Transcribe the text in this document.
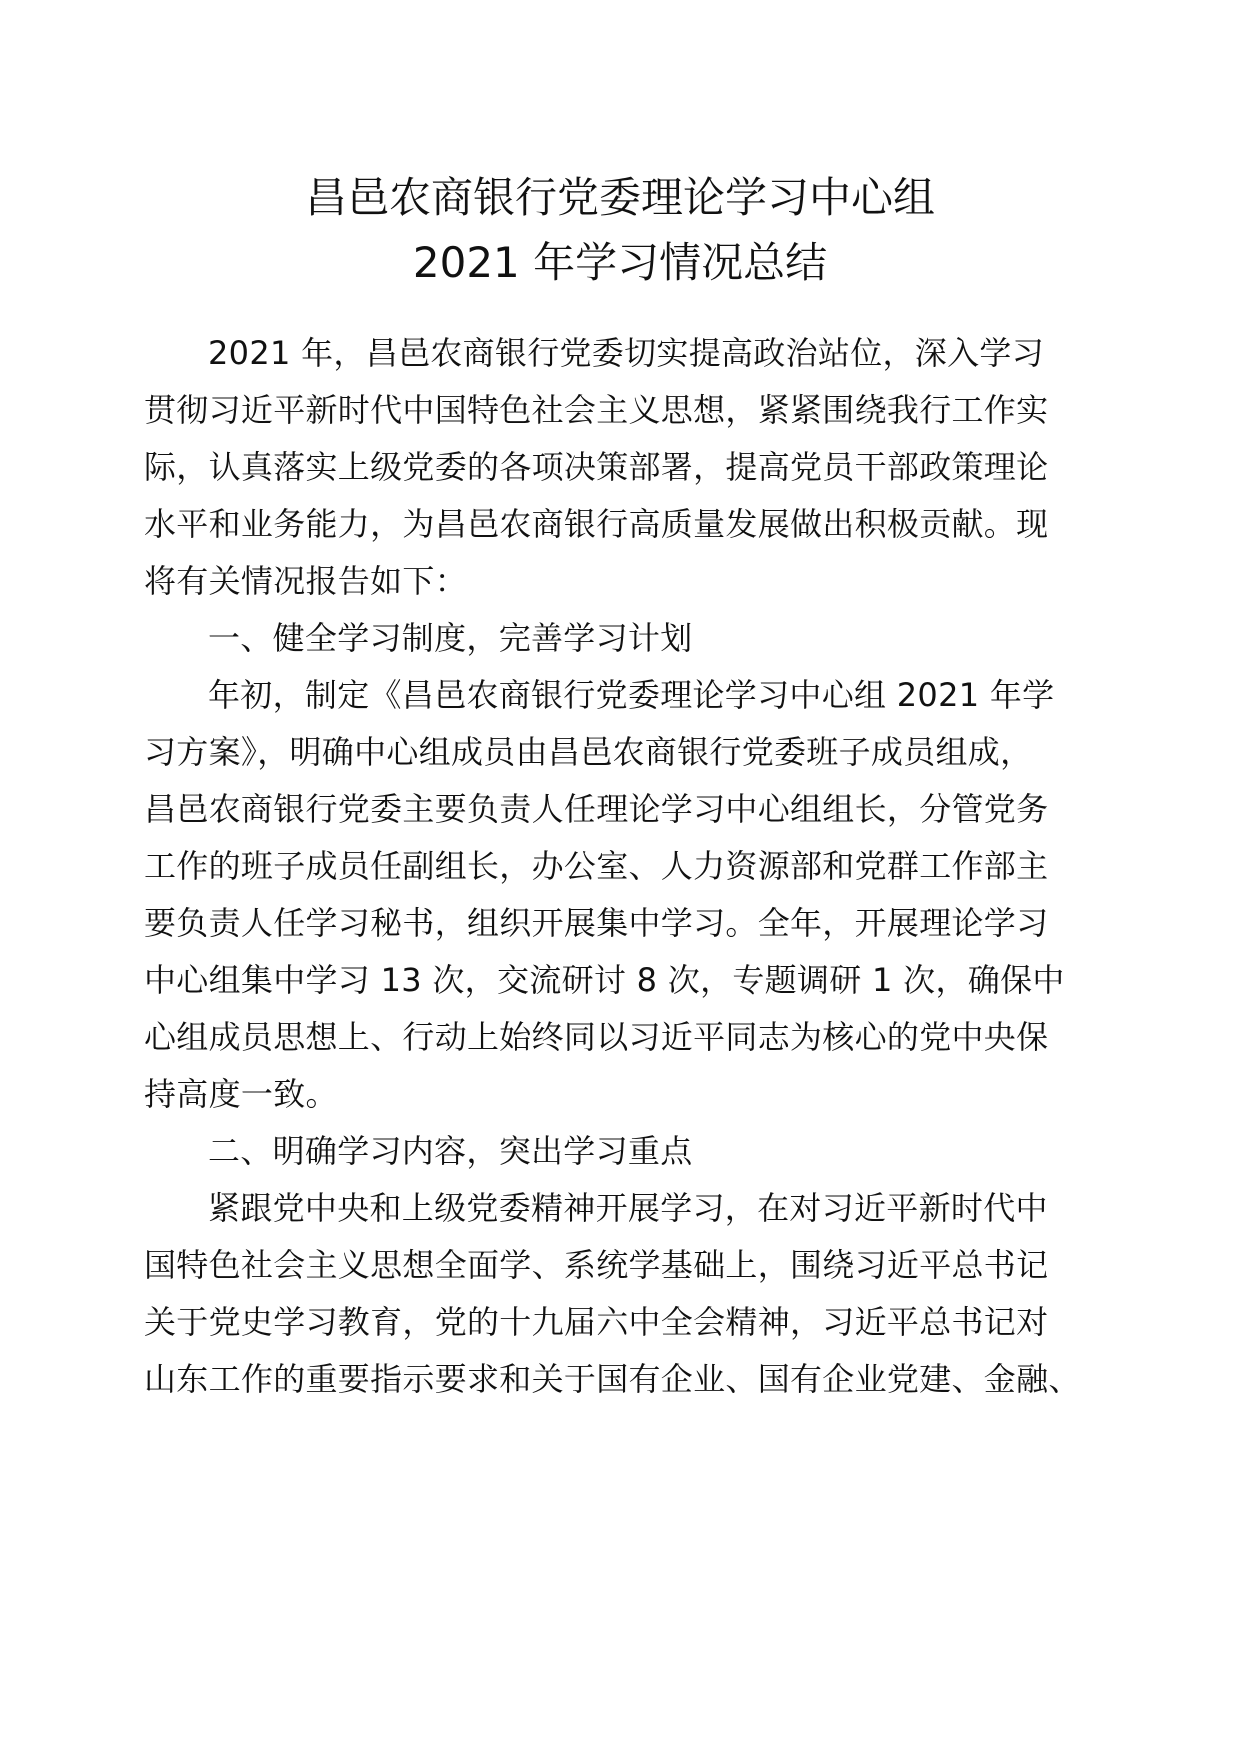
昌邑农商银行党委理论学习中心组
2021 年学习情况总结
2021 年，昌邑农商银行党委切实提高政治站位，深入学习
贯彻习近平新时代中国特色社会主义思想，紧紧围绕我行工作实
际，认真落实上级党委的各项决策部署，提高党员干部政策理论
水平和业务能力，为昌邑农商银行高质量发展做出积极贡献。现
将有关情况报告如下：
一、健全学习制度，完善学习计划
年初，制定《昌邑农商银行党委理论学习中心组 2021 年学
习方案》，明确中心组成员由昌邑农商银行党委班子成员组成，
昌邑农商银行党委主要负责人任理论学习中心组组长，分管党务
工作的班子成员任副组长，办公室、人力资源部和党群工作部主
要负责人任学习秘书，组织开展集中学习。全年，开展理论学习
中心组集中学习 13 次，交流研讨 8 次，专题调研 1 次，确保中
心组成员思想上、行动上始终同以习近平同志为核心的党中央保
持高度一致。
二、明确学习内容，突出学习重点
紧跟党中央和上级党委精神开展学习，在对习近平新时代中
国特色社会主义思想全面学、系统学基础上，围绕习近平总书记
关于党史学习教育，党的十九届六中全会精神，习近平总书记对
山东工作的重要指示要求和关于国有企业、国有企业党建、金融、
